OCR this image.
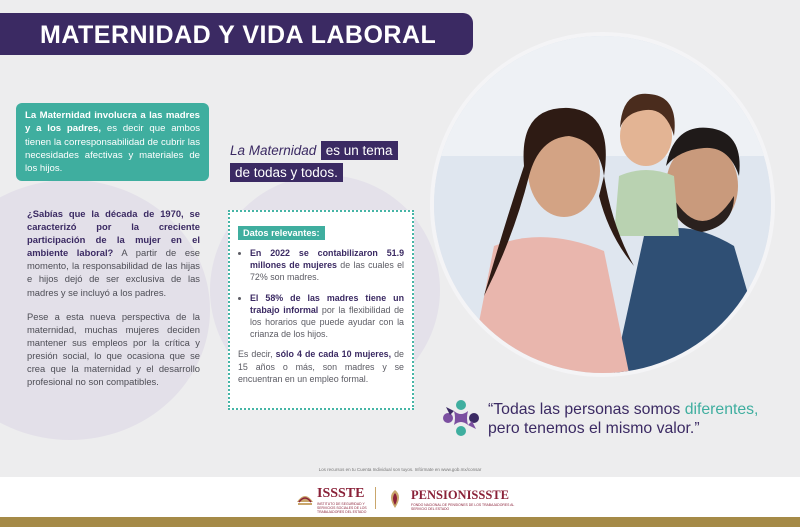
MATERNIDAD Y VIDA LABORAL
La Maternidad involucra a las madres y a los padres, es decir que ambos tienen la corresponsabilidad de cubrir las necesidades afectivas y materiales de los hijos.
La Maternidad es un tema
de todas y todos.

¿Sabías que la década de 1970, se caracterizó por la creciente participación de la mujer en el ambiente laboral? A partir de ese momento, la responsabilidad de las hijas e hijos dejó de ser exclusiva de las madres y se incluyó a los padres.

Pese a esta nueva perspectiva de la maternidad, muchas mujeres deciden mantener sus empleos por la crítica y presión social, lo que ocasiona que se crea que la maternidad y el desarrollo profesional no son compatibles.

Datos relevantes:
• En 2022 se contabilizaron 51.9 millones de mujeres de las cuales el 72% son madres.
• El 58% de las madres tiene un trabajo informal por la flexibilidad de los horarios que puede ayudar con la crianza de los hijos.
Es decir, sólo 4 de cada 10 mujeres, de 15 años o más, son madres y se encuentran en un empleo formal.
“Todas las personas somos diferentes,
pero tenemos el mismo valor.”
Los recursos en tu Cuenta Individual son tuyos. Infórmate en www.gob.mx/consar
ISSSTE
INSTITUTO DE SEGURIDAD Y SERVICIOS SOCIALES DE LOS TRABAJADORES DEL ESTADO
PENSIONISSSTE
FONDO NACIONAL DE PENSIONES DE LOS TRABAJADORES AL SERVICIO DEL ESTADO
